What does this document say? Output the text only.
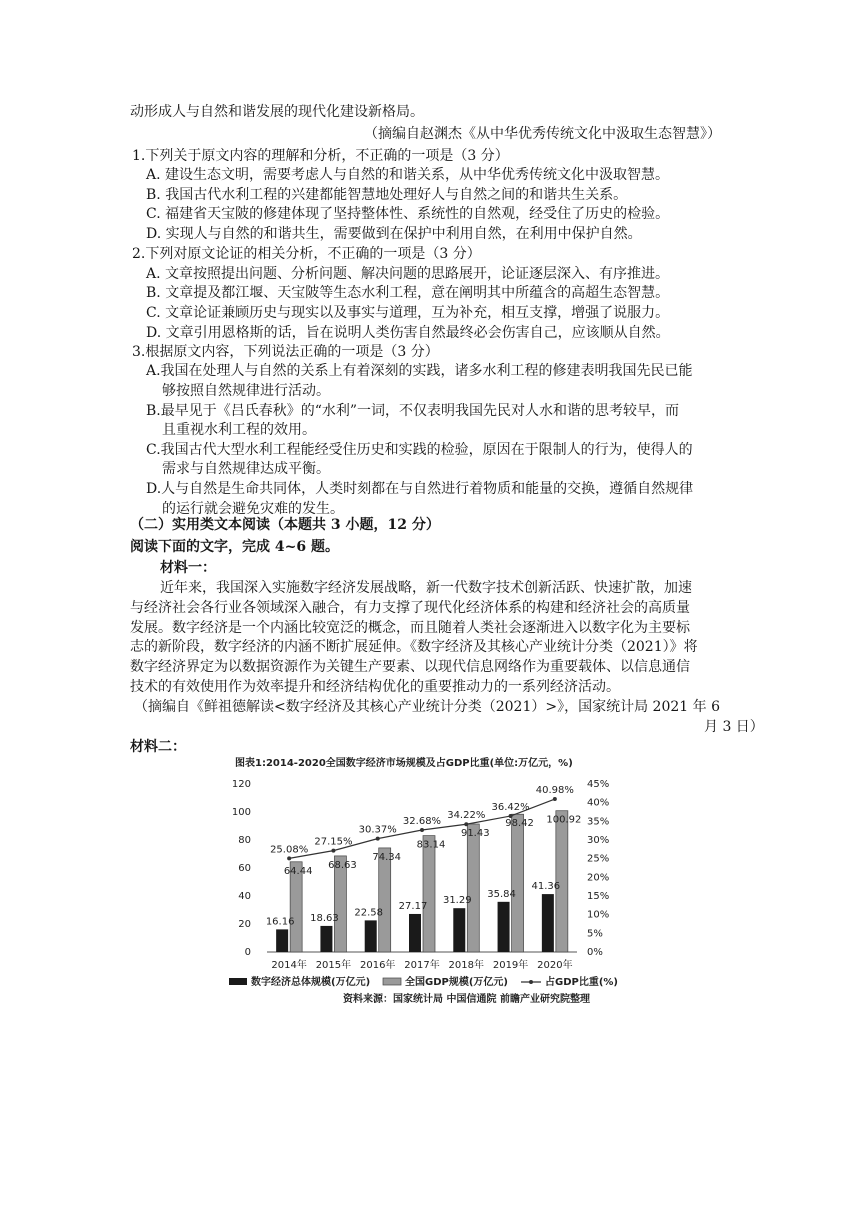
动形成人与自然和谐发展的现代化建设新格局。
（摘编自赵渊杰《从中华优秀传统文化中汲取生态智慧》）
1.下列关于原文内容的理解和分析，不正确的一项是（3 分）
A. 建设生态文明，需要考虑人与自然的和谐关系，从中华优秀传统文化中汲取智慧。
B. 我国古代水利工程的兴建都能智慧地处理好人与自然之间的和谐共生关系。
C. 福建省天宝陂的修建体现了坚持整体性、系统性的自然观，经受住了历史的检验。
D. 实现人与自然的和谐共生，需要做到在保护中利用自然，在利用中保护自然。
2.下列对原文论证的相关分析，不正确的一项是（3 分）
A. 文章按照提出问题、分析问题、解决问题的思路展开，论证逐层深入、有序推进。
B. 文章提及都江堰、天宝陂等生态水利工程，意在阐明其中所蕴含的高超生态智慧。
C. 文章论证兼顾历史与现实以及事实与道理，互为补充，相互支撑，增强了说服力。
D. 文章引用恩格斯的话，旨在说明人类伤害自然最终必会伤害自己，应该顺从自然。
3.根据原文内容，下列说法正确的一项是（3 分）
A.我国在处理人与自然的关系上有着深刻的实践，诸多水利工程的修建表明我国先民已能
够按照自然规律进行活动。
B.最早见于《吕氏春秋》的“水利”一词，不仅表明我国先民对人水和谐的思考较早，而
且重视水利工程的效用。
C.我国古代大型水利工程能经受住历史和实践的检验，原因在于限制人的行为，使得人的
需求与自然规律达成平衡。
D.人与自然是生命共同体，人类时刻都在与自然进行着物质和能量的交换，遵循自然规律
的运行就会避免灾难的发生。
（二）实用类文本阅读（本题共 3 小题，12 分）
阅读下面的文字，完成 4~6 题。
材料一：
近年来，我国深入实施数字经济发展战略，新一代数字技术创新活跃、快速扩散，加速
与经济社会各行业各领域深入融合，有力支撑了现代化经济体系的构建和经济社会的高质量
发展。数字经济是一个内涵比较宽泛的概念，而且随着人类社会逐渐进入以数字化为主要标
志的新阶段，数字经济的内涵不断扩展延伸。《数字经济及其核心产业统计分类（2021）》将
数字经济界定为以数据资源作为关键生产要素、以现代信息网络作为重要载体、以信息通信
技术的有效使用作为效率提升和经济结构优化的重要推动力的一系列经济活动。
（摘编自《鲜祖德解读<数字经济及其核心产业统计分类（2021）>》，国家统计局 2021 年 6
月 3 日）
材料二：
图表1:2014-2020全国数字经济市场规模及占GDP比重(单位:万亿元，%)
120
100
80
60
40
20
0
45%
40%
35%
30%
25%
20%
15%
10%
5%
0%
16.16
64.44
2014年
18.63
68.63
2015年
22.58
74.34
2016年
27.17
83.14
2017年
31.29
91.43
2018年
35.84
98.42
2019年
41.36
100.92
2020年
25.08%
27.15%
30.37%
32.68%
34.22%
36.42%
40.98%
数字经济总体规模(万亿元)	全国GDP规模(万亿元)	占GDP比重(%)
资料来源：国家统计局 中国信通院 前瞻产业研究院整理
